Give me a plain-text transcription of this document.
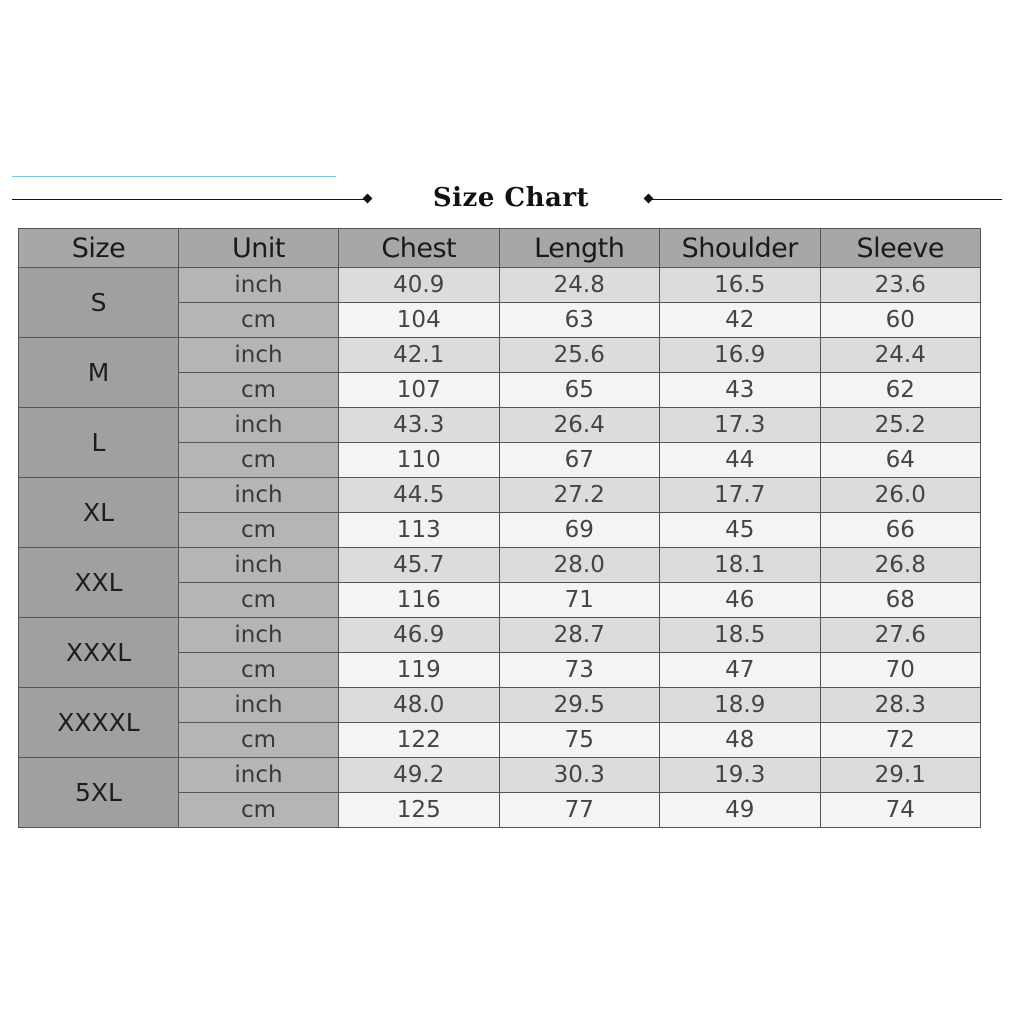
Size Chart
Size	Unit	Chest	Length	Shoulder	Sleeve
S	inch	40.9	24.8	16.5	23.6
	cm	104	63	42	60
M	inch	42.1	25.6	16.9	24.4
	cm	107	65	43	62
L	inch	43.3	26.4	17.3	25.2
	cm	110	67	44	64
XL	inch	44.5	27.2	17.7	26.0
	cm	113	69	45	66
XXL	inch	45.7	28.0	18.1	26.8
	cm	116	71	46	68
XXXL	inch	46.9	28.7	18.5	27.6
	cm	119	73	47	70
XXXXL	inch	48.0	29.5	18.9	28.3
	cm	122	75	48	72
5XL	inch	49.2	30.3	19.3	29.1
	cm	125	77	49	74
